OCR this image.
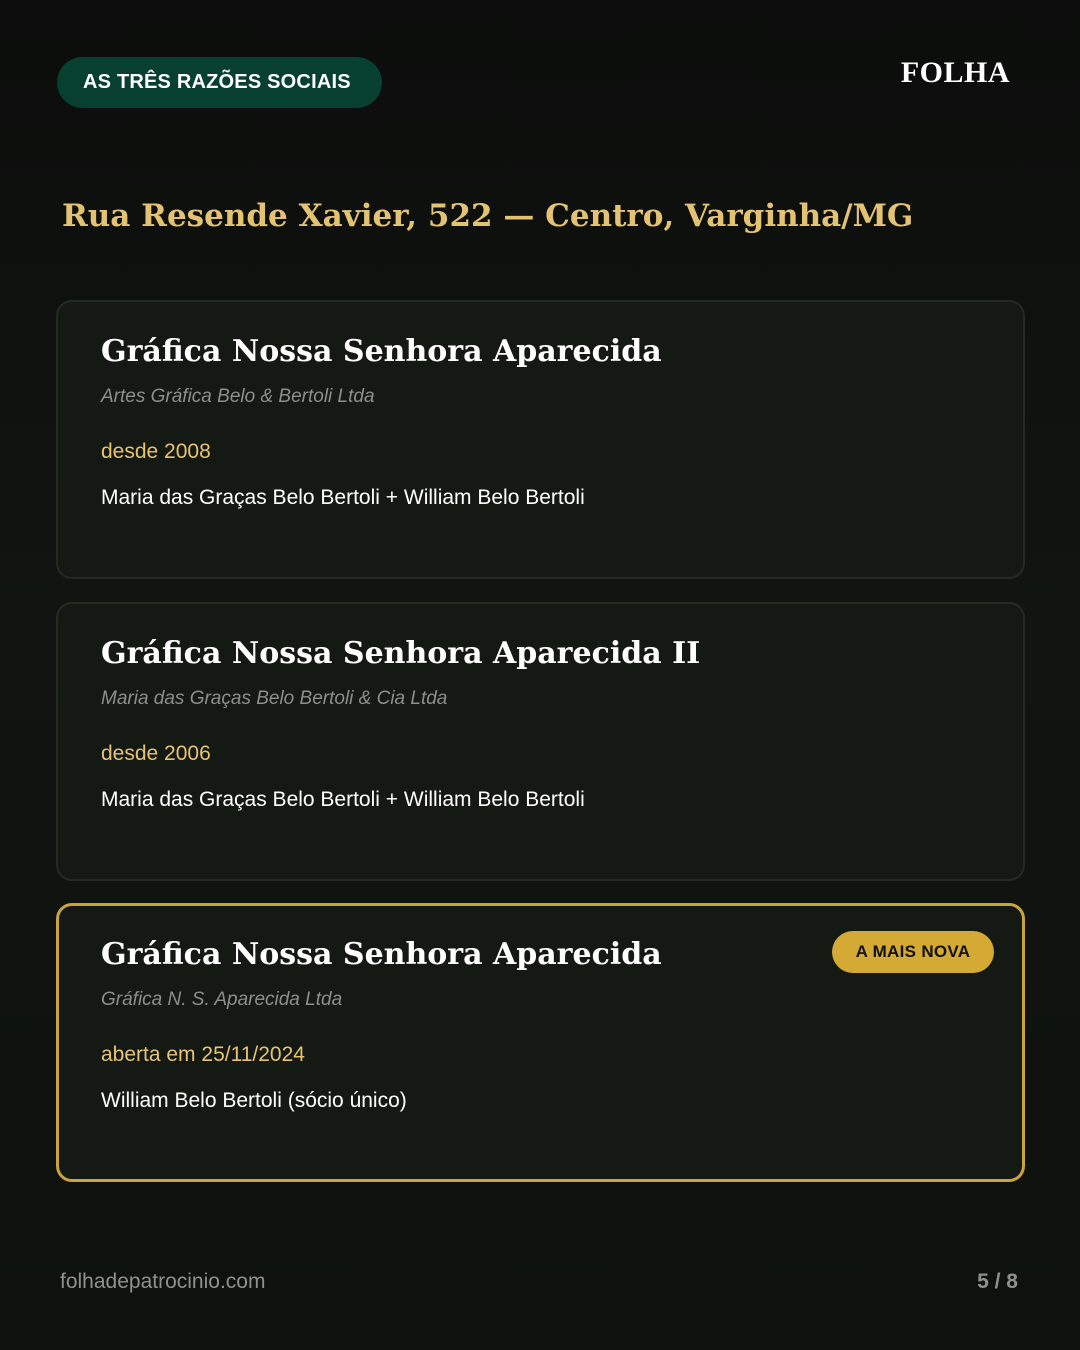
AS TRÊS RAZÕES SOCIAIS	FOLHA
Rua Resende Xavier, 522 — Centro, Varginha/MG
Gráfica Nossa Senhora Aparecida
Artes Gráfica Belo & Bertoli Ltda
desde 2008
Maria das Graças Belo Bertoli + William Belo Bertoli
Gráfica Nossa Senhora Aparecida II
Maria das Graças Belo Bertoli & Cia Ltda
desde 2006
Maria das Graças Belo Bertoli + William Belo Bertoli
Gráfica Nossa Senhora Aparecida	A MAIS NOVA
Gráfica N. S. Aparecida Ltda
aberta em 25/11/2024
William Belo Bertoli (sócio único)
folhadepatrocinio.com	5 / 8
